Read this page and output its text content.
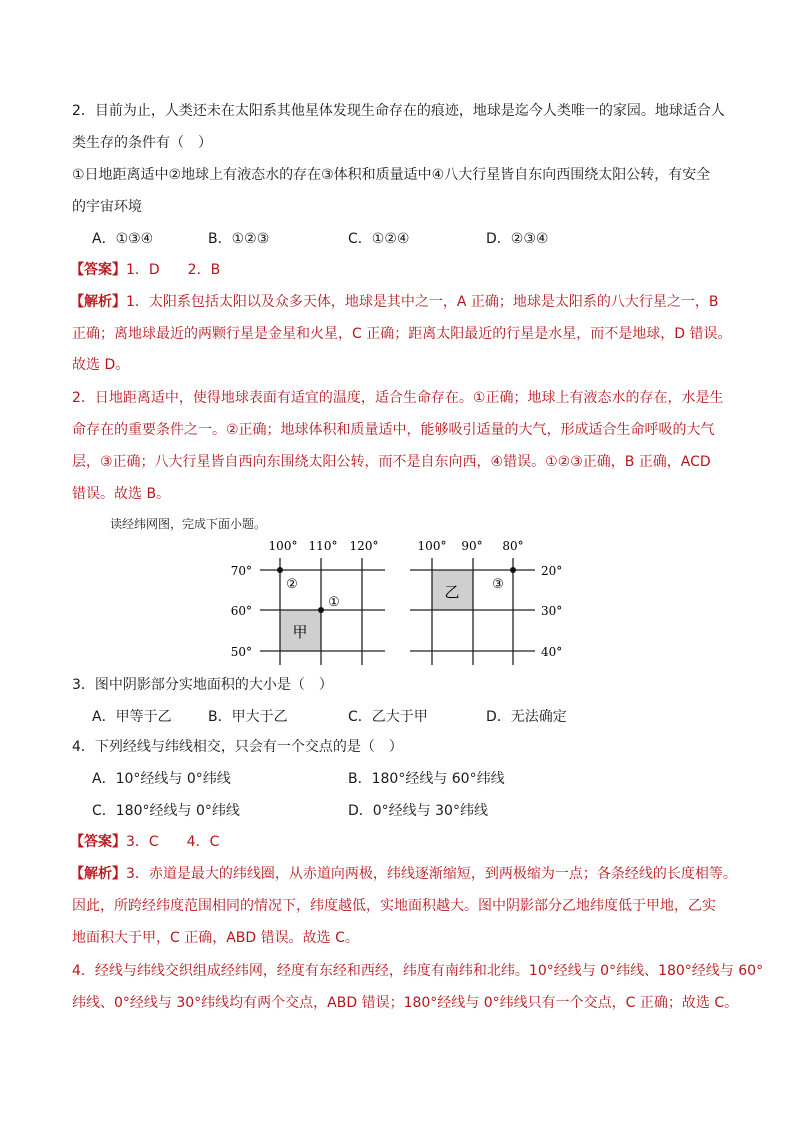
2．目前为止，人类还未在太阳系其他星体发现生命存在的痕迹，地球是迄今人类唯一的家园。地球适合人
类生存的条件有（　）
①日地距离适中②地球上有液态水的存在③体积和质量适中④八大行星皆自东向西围绕太阳公转，有安全
的宇宙环境
A．①③④	B．①②③	C．①②④	D．②③④
【答案】1．D　　2．B
【解析】1．太阳系包括太阳以及众多天体，地球是其中之一，A 正确；地球是太阳系的八大行星之一，B
正确；离地球最近的两颗行星是金星和火星，C 正确；距离太阳最近的行星是水星，而不是地球，D 错误。
故选 D。
2．日地距离适中，使得地球表面有适宜的温度，适合生命存在。①正确；地球上有液态水的存在，水是生
命存在的重要条件之一。②正确；地球体积和质量适中，能够吸引适量的大气，形成适合生命呼吸的大气
层，③正确；八大行星皆自西向东围绕太阳公转，而不是自东向西，④错误。①②③正确，B 正确，ACD
错误。故选 B。
读经纬网图，完成下面小题。
100° 110° 120°
70°
60°
50°
②
①
甲
100° 90° 80°
20°
30°
40°
③
乙
3．图中阴影部分实地面积的大小是（　）
A．甲等于乙	B．甲大于乙	C．乙大于甲	D．无法确定
4．下列经线与纬线相交，只会有一个交点的是（　）
A．10°经线与 0°纬线	B．180°经线与 60°纬线
C．180°经线与 0°纬线	D．0°经线与 30°纬线
【答案】3．C　　4．C
【解析】3．赤道是最大的纬线圈，从赤道向两极，纬线逐渐缩短，到两极缩为一点；各条经线的长度相等。
因此，所跨经纬度范围相同的情况下，纬度越低，实地面积越大。图中阴影部分乙地纬度低于甲地，乙实
地面积大于甲，C 正确，ABD 错误。故选 C。
4．经线与纬线交织组成经纬网，经度有东经和西经，纬度有南纬和北纬。10°经线与 0°纬线、180°经线与 60°
纬线、0°经线与 30°纬线均有两个交点，ABD 错误；180°经线与 0°纬线只有一个交点，C 正确；故选 C。
